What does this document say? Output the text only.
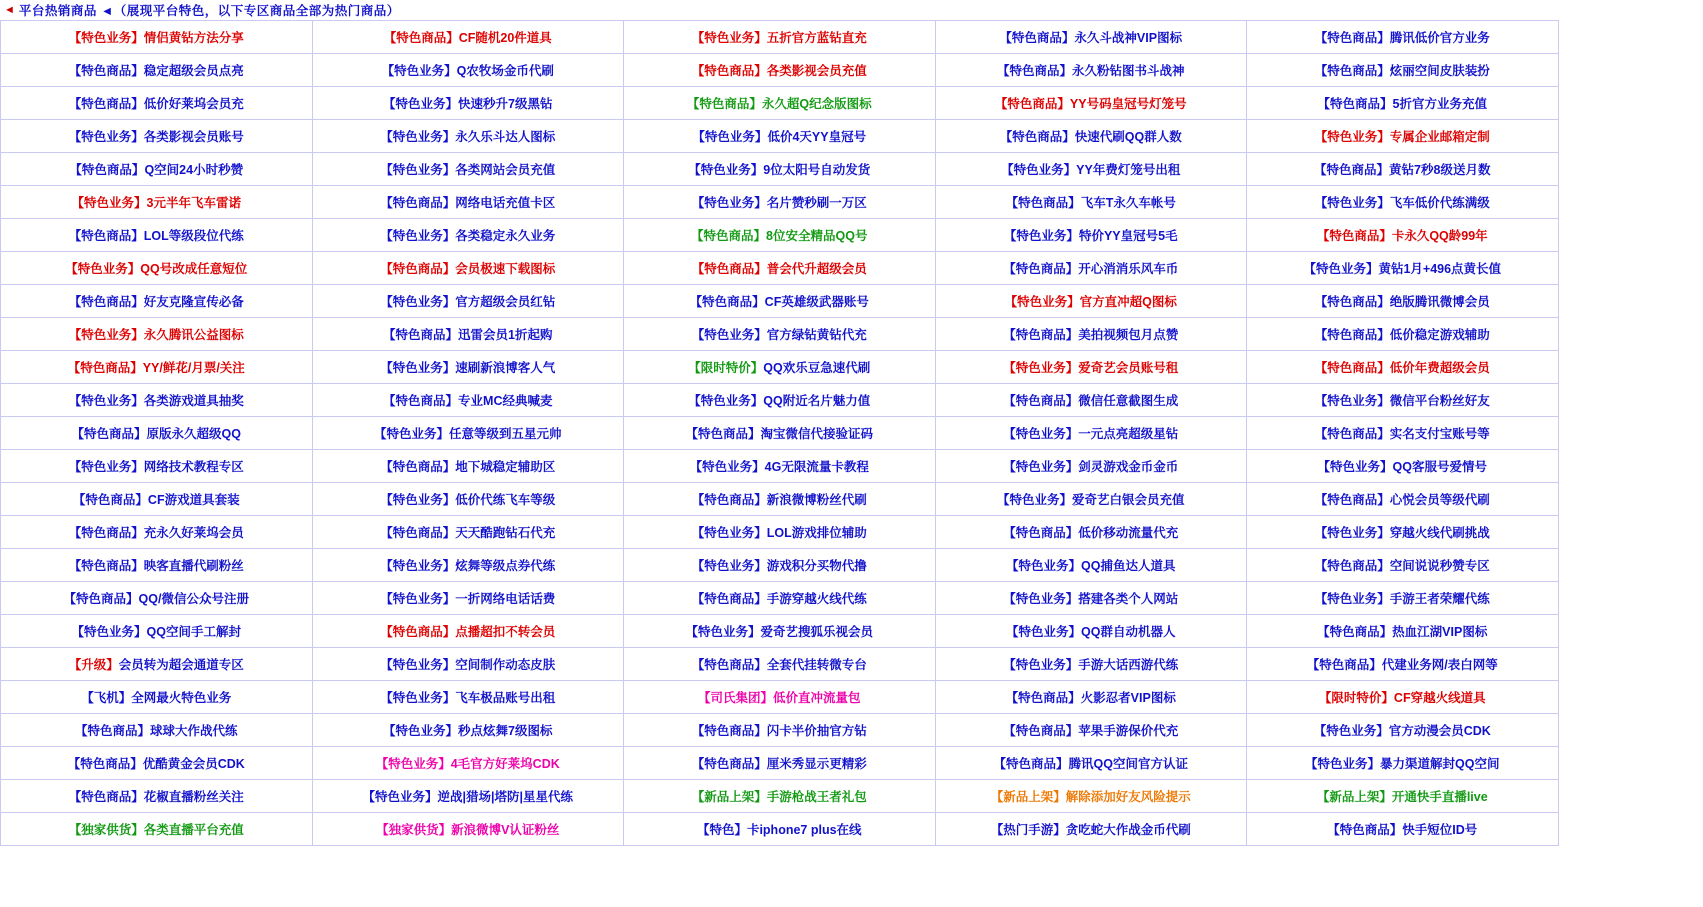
◄ 平台热销商品 ◄（展现平台特色，以下专区商品全部为热门商品）
【特色业务】情侣黄钻方法分享	【特色商品】CF随机20件道具	【特色业务】五折官方蓝钻直充	【特色商品】永久斗战神VIP图标	【特色商品】腾讯低价官方业务
【特色商品】稳定超级会员点亮	【特色业务】Q农牧场金币代刷	【特色商品】各类影视会员充值	【特色商品】永久粉钻图书斗战神	【特色商品】炫丽空间皮肤装扮
【特色商品】低价好莱坞会员充	【特色业务】快速秒升7级黑钻	【特色商品】永久超Q纪念版图标	【特色商品】YY号码皇冠号灯笼号	【特色商品】5折官方业务充值
【特色业务】各类影视会员账号	【特色业务】永久乐斗达人图标	【特色业务】低价4天YY皇冠号	【特色商品】快速代刷QQ群人数	【特色业务】专属企业邮箱定制
【特色商品】Q空间24小时秒赞	【特色业务】各类网站会员充值	【特色业务】9位太阳号自动发货	【特色业务】YY年费灯笼号出租	【特色商品】黄钻7秒8级送月数
【特色业务】3元半年飞车雷诺	【特色商品】网络电话充值卡区	【特色业务】名片赞秒刷一万区	【特色商品】飞车T永久车帐号	【特色业务】飞车低价代练满级
【特色商品】LOL等级段位代练	【特色业务】各类稳定永久业务	【特色商品】8位安全精品QQ号	【特色业务】特价YY皇冠号5毛	【特色商品】卡永久QQ龄99年
【特色业务】QQ号改成任意短位	【特色商品】会员极速下载图标	【特色商品】普会代升超级会员	【特色商品】开心消消乐风车币	【特色业务】黄钻1月+496点黄长值
【特色商品】好友克隆宣传必备	【特色业务】官方超级会员红钻	【特色商品】CF英雄级武器账号	【特色业务】官方直冲超Q图标	【特色商品】绝版腾讯微博会员
【特色业务】永久腾讯公益图标	【特色商品】迅雷会员1折起购	【特色业务】官方绿钻黄钻代充	【特色商品】美拍视频包月点赞	【特色商品】低价稳定游戏辅助
【特色商品】YY/鲜花/月票/关注	【特色业务】速刷新浪博客人气	【限时特价】QQ欢乐豆急速代刷	【特色业务】爱奇艺会员账号租	【特色商品】低价年费超级会员
【特色业务】各类游戏道具抽奖	【特色商品】专业MC经典喊麦	【特色业务】QQ附近名片魅力值	【特色商品】微信任意截图生成	【特色业务】微信平台粉丝好友
【特色商品】原版永久超级QQ	【特色业务】任意等级到五星元帅	【特色商品】淘宝微信代接验证码	【特色业务】一元点亮超级星钻	【特色商品】实名支付宝账号等
【特色业务】网络技术教程专区	【特色商品】地下城稳定辅助区	【特色业务】4G无限流量卡教程	【特色业务】剑灵游戏金币金币	【特色业务】QQ客服号爱情号
【特色商品】CF游戏道具套装	【特色业务】低价代练飞车等级	【特色商品】新浪微博粉丝代刷	【特色业务】爱奇艺白银会员充值	【特色商品】心悦会员等级代刷
【特色商品】充永久好莱坞会员	【特色商品】天天酷跑钻石代充	【特色业务】LOL游戏排位辅助	【特色商品】低价移动流量代充	【特色业务】穿越火线代刷挑战
【特色商品】映客直播代刷粉丝	【特色业务】炫舞等级点券代练	【特色业务】游戏积分买物代撸	【特色业务】QQ捕鱼达人道具	【特色商品】空间说说秒赞专区
【特色商品】QQ/微信公众号注册	【特色业务】一折网络电话话费	【特色商品】手游穿越火线代练	【特色业务】搭建各类个人网站	【特色业务】手游王者荣耀代练
【特色业务】QQ空间手工解封	【特色商品】点播超扣不转会员	【特色业务】爱奇艺搜狐乐视会员	【特色业务】QQ群自动机器人	【特色商品】热血江湖VIP图标
【升级】会员转为超会通道专区	【特色业务】空间制作动态皮肤	【特色商品】全套代挂转微专台	【特色业务】手游大话西游代练	【特色商品】代建业务网/表白网等
【飞机】全网最火特色业务	【特色业务】飞车极品账号出租	【司氏集团】低价直冲流量包	【特色商品】火影忍者VIP图标	【限时特价】CF穿越火线道具
【特色商品】球球大作战代练	【特色业务】秒点炫舞7级图标	【特色商品】闪卡半价抽官方钻	【特色商品】苹果手游保价代充	【特色业务】官方动漫会员CDK
【特色商品】优酷黄金会员CDK	【特色业务】4毛官方好莱坞CDK	【特色商品】厘米秀显示更精彩	【特色商品】腾讯QQ空间官方认证	【特色业务】暴力渠道解封QQ空间
【特色商品】花椒直播粉丝关注	【特色业务】逆战|猎场|塔防|星星代练	【新品上架】手游枪战王者礼包	【新品上架】解除添加好友风险提示	【新品上架】开通快手直播live
【独家供货】各类直播平台充值	【独家供货】新浪微博V认证粉丝	【特色】卡iphone7 plus在线	【热门手游】贪吃蛇大作战金币代刷	【特色商品】快手短位ID号
